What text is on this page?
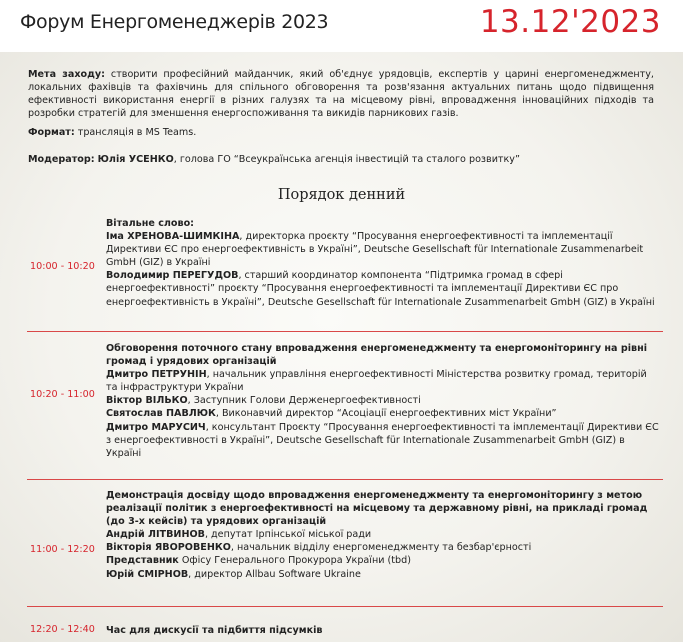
Форум Енергоменеджерів 2023	13.12'2023
Мета заходу: створити професійний майданчик, який об'єднує урядовців, експертів у царині енергоменеджменту, локальних фахівців та фахівчинь для спільного обговорення та розв'язання актуальних питань щодо підвищення ефективності використання енергії в різних галузях та на місцевому рівні, впровадження інноваційних підходів та розробки стратегій для зменшення енергоспоживання та викидів парникових газів.
Формат: трансляція в MS Teams.
Модератор: Юлія УСЕНКО, голова ГО “Всеукраїнська агенція інвестицій та сталого розвитку”
Порядок денний
10:00 - 10:20

Вітальне слово:

Іма ХРЕНОВА-ШИМКІНА, директорка проєкту “Просування енергоефективності та імплементації Директиви ЄС про енергоефективність в Україні”, Deutsche Gesellschaft für Internationale Zusammenarbeit GmbH (GIZ) в Україні

Володимир ПЕРЕГУДОВ, старший координатор компонента “Підтримка громад в сфері енергоефективності” проєкту “Просування енергоефективності та імплементації Директиви ЄС про енергоефективність в Україні”, Deutsche Gesellschaft für Internationale Zusammenarbeit GmbH (GIZ) в Україні

10:20 - 11:00

Обговорення поточного стану впровадження енергоменеджменту та енергомоніторингу на рівні громад і урядових організацій

Дмитро ПЕТРУНІН, начальник управління енергоефективності Міністерства розвитку громад, територій та інфраструктури України

Віктор ВІЛЬКО, Заступник Голови Держенергоефективності

Святослав ПАВЛЮК, Виконавчий директор “Асоціації енергоефективних міст України”

Дмитро МАРУСИЧ, консультант Проєкту “Просування енергоефективності та імплементації Директиви ЄС з енергоефективності в Україні”, Deutsche Gesellschaft für Internationale Zusammenarbeit GmbH (GIZ) в Україні

11:00 - 12:20

Демонстрація досвіду щодо впровадження енергоменеджменту та енергомоніторингу з метою реалізації політик з енергоефективності на місцевому та державному рівні, на прикладі громад (до 3-х кейсів) та урядових організацій

Андрій ЛІТВИНОВ, депутат Ірпінської міської ради

Вікторія ЯВОРОВЕНКО, начальник відділу енергоменеджменту та безбар'єрності

Представник Офісу Генерального Прокурора України (tbd)

Юрій СМІРНОВ, директор Allbau Software Ukraine

12:20 - 12:40 Час для дискусії та підбиття підсумків
